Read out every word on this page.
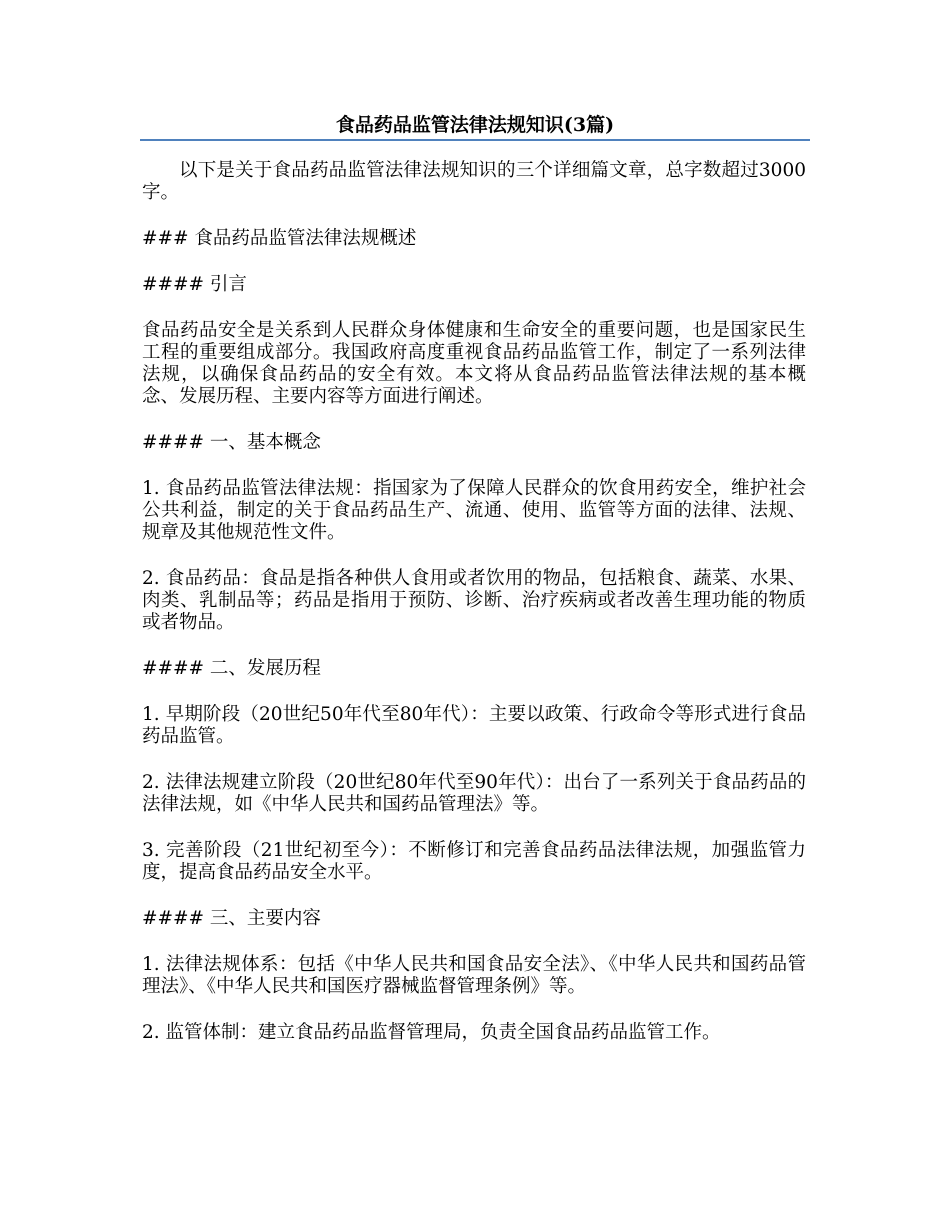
食品药品监管法律法规知识(3篇)

以下是关于食品药品监管法律法规知识的三个详细篇文章，总字数超过3000字。

### 食品药品监管法律法规概述

#### 引言

食品药品安全是关系到人民群众身体健康和生命安全的重要问题，也是国家民生工程的重要组成部分。我国政府高度重视食品药品监管工作，制定了一系列法律法规，以确保食品药品的安全有效。本文将从食品药品监管法律法规的基本概念、发展历程、主要内容等方面进行阐述。

#### 一、基本概念

1. 食品药品监管法律法规：指国家为了保障人民群众的饮食用药安全，维护社会公共利益，制定的关于食品药品生产、流通、使用、监管等方面的法律、法规、规章及其他规范性文件。

2. 食品药品：食品是指各种供人食用或者饮用的物品，包括粮食、蔬菜、水果、肉类、乳制品等；药品是指用于预防、诊断、治疗疾病或者改善生理功能的物质或者物品。

#### 二、发展历程

1. 早期阶段（20世纪50年代至80年代）：主要以政策、行政命令等形式进行食品药品监管。

2. 法律法规建立阶段（20世纪80年代至90年代）：出台了一系列关于食品药品的法律法规，如《中华人民共和国药品管理法》等。

3. 完善阶段（21世纪初至今）：不断修订和完善食品药品法律法规，加强监管力度，提高食品药品安全水平。

#### 三、主要内容

1. 法律法规体系：包括《中华人民共和国食品安全法》、《中华人民共和国药品管理法》、《中华人民共和国医疗器械监督管理条例》等。

2. 监管体制：建立食品药品监督管理局，负责全国食品药品监管工作。
